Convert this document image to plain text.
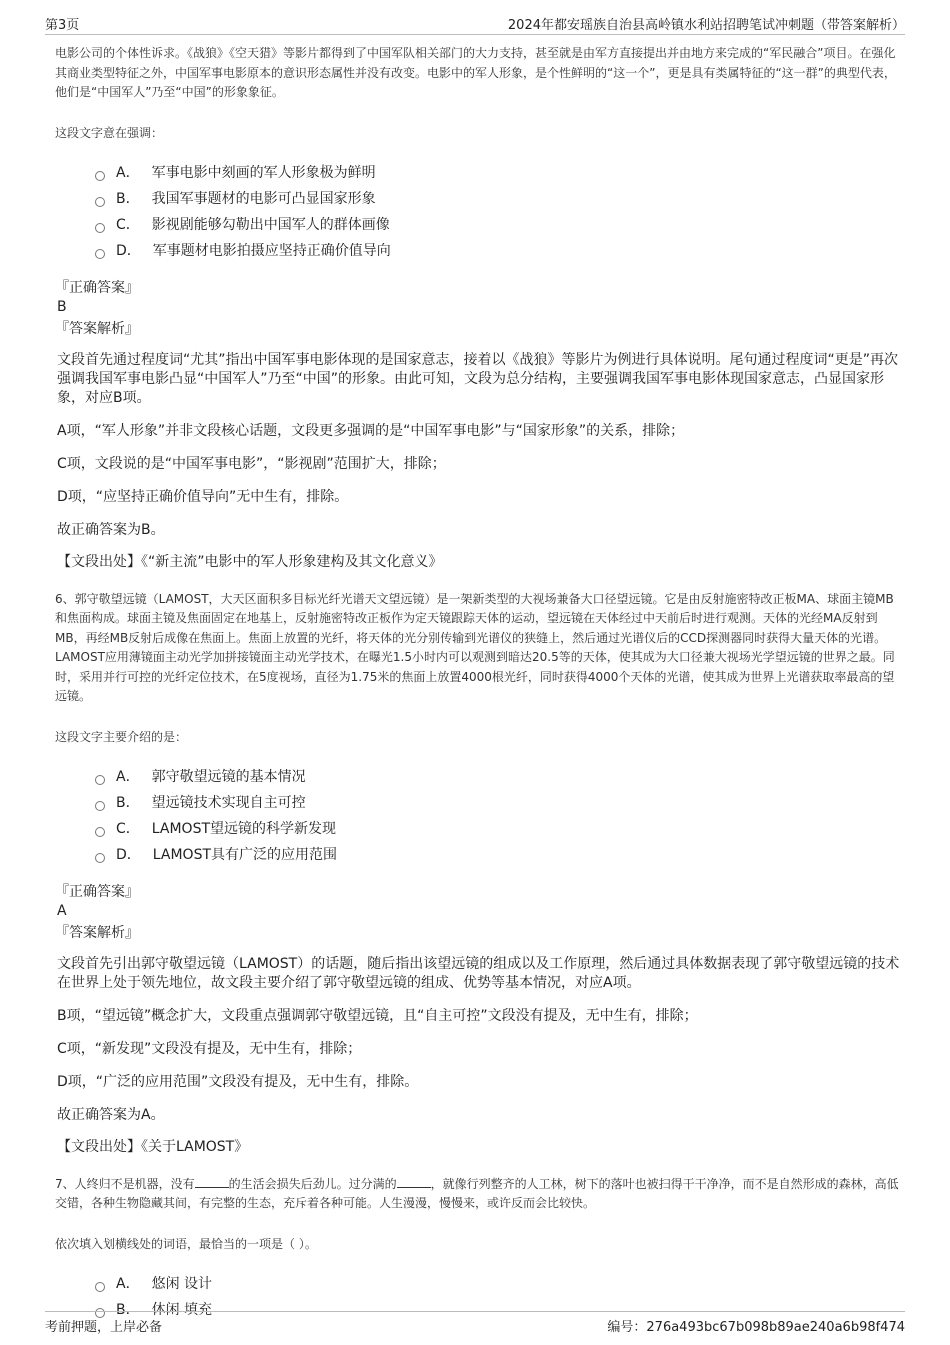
第3页	2024年都安瑶族自治县高岭镇水利站招聘笔试冲刺题（带答案解析）

电影公司的个体性诉求。《战狼》《空天猎》等影片都得到了中国军队相关部门的大力支持，甚至就是由军方直接提出并由地方来完成的“军民融合”项目。在强化其商业类型特征之外，中国军事电影原本的意识形态属性并没有改变。电影中的军人形象，是个性鲜明的“这一个”，更是具有类属特征的“这一群”的典型代表，他们是“中国军人”乃至“中国”的形象象征。

这段文字意在强调：

A． 军事电影中刻画的军人形象极为鲜明
B． 我国军事题材的电影可凸显国家形象
C． 影视剧能够勾勒出中国军人的群体画像
D． 军事题材电影拍摄应坚持正确价值导向

『正确答案』

B

『答案解析』

文段首先通过程度词“尤其”指出中国军事电影体现的是国家意志，接着以《战狼》等影片为例进行具体说明。尾句通过程度词“更是”再次强调我国军事电影凸显“中国军人”乃至“中国”的形象。由此可知，文段为总分结构，主要强调我国军事电影体现国家意志，凸显国家形象，对应B项。

A项，“军人形象”并非文段核心话题，文段更多强调的是“中国军事电影”与“国家形象”的关系，排除；

C项，文段说的是“中国军事电影”，“影视剧”范围扩大，排除；

D项，“应坚持正确价值导向”无中生有，排除。

故正确答案为B。

【文段出处】《“新主流”电影中的军人形象建构及其文化意义》

6、郭守敬望远镜（LAMOST，大天区面积多目标光纤光谱天文望远镜）是一架新类型的大视场兼备大口径望远镜。它是由反射施密特改正板MA、球面主镜MB和焦面构成。球面主镜及焦面固定在地基上，反射施密特改正板作为定天镜跟踪天体的运动，望远镜在天体经过中天前后时进行观测。天体的光经MA反射到MB，再经MB反射后成像在焦面上。焦面上放置的光纤，将天体的光分别传输到光谱仪的狭缝上，然后通过光谱仪后的CCD探测器同时获得大量天体的光谱。LAMOST应用薄镜面主动光学加拼接镜面主动光学技术，在曝光1.5小时内可以观测到暗达20.5等的天体，使其成为大口径兼大视场光学望远镜的世界之最。同时，采用并行可控的光纤定位技术，在5度视场，直径为1.75米的焦面上放置4000根光纤，同时获得4000个天体的光谱，使其成为世界上光谱获取率最高的望远镜。

这段文字主要介绍的是：

A． 郭守敬望远镜的基本情况
B． 望远镜技术实现自主可控
C． LAMOST望远镜的科学新发现
D． LAMOST具有广泛的应用范围

『正确答案』

A

『答案解析』

文段首先引出郭守敬望远镜（LAMOST）的话题，随后指出该望远镜的组成以及工作原理，然后通过具体数据表现了郭守敬望远镜的技术在世界上处于领先地位，故文段主要介绍了郭守敬望远镜的组成、优势等基本情况，对应A项。

B项，“望远镜”概念扩大，文段重点强调郭守敬望远镜，且“自主可控”文段没有提及，无中生有，排除；

C项，“新发现”文段没有提及，无中生有，排除；

D项，“广泛的应用范围”文段没有提及，无中生有，排除。

故正确答案为A。

【文段出处】《关于LAMOST》

7、人终归不是机器，没有	的生活会损失后劲儿。过分满的	，就像行列整齐的人工林，树下的落叶也被扫得干干净净，而不是自然形成的森林，高低交错，各种生物隐藏其间，有完整的生态，充斥着各种可能。人生漫漫，慢慢来，或许反而会比较快。

依次填入划横线处的词语，最恰当的一项是（ ）。

A． 悠闲 设计
B． 休闲 填充
考前押题，上岸必备	编号：276a493bc67b098b89ae240a6b98f474
